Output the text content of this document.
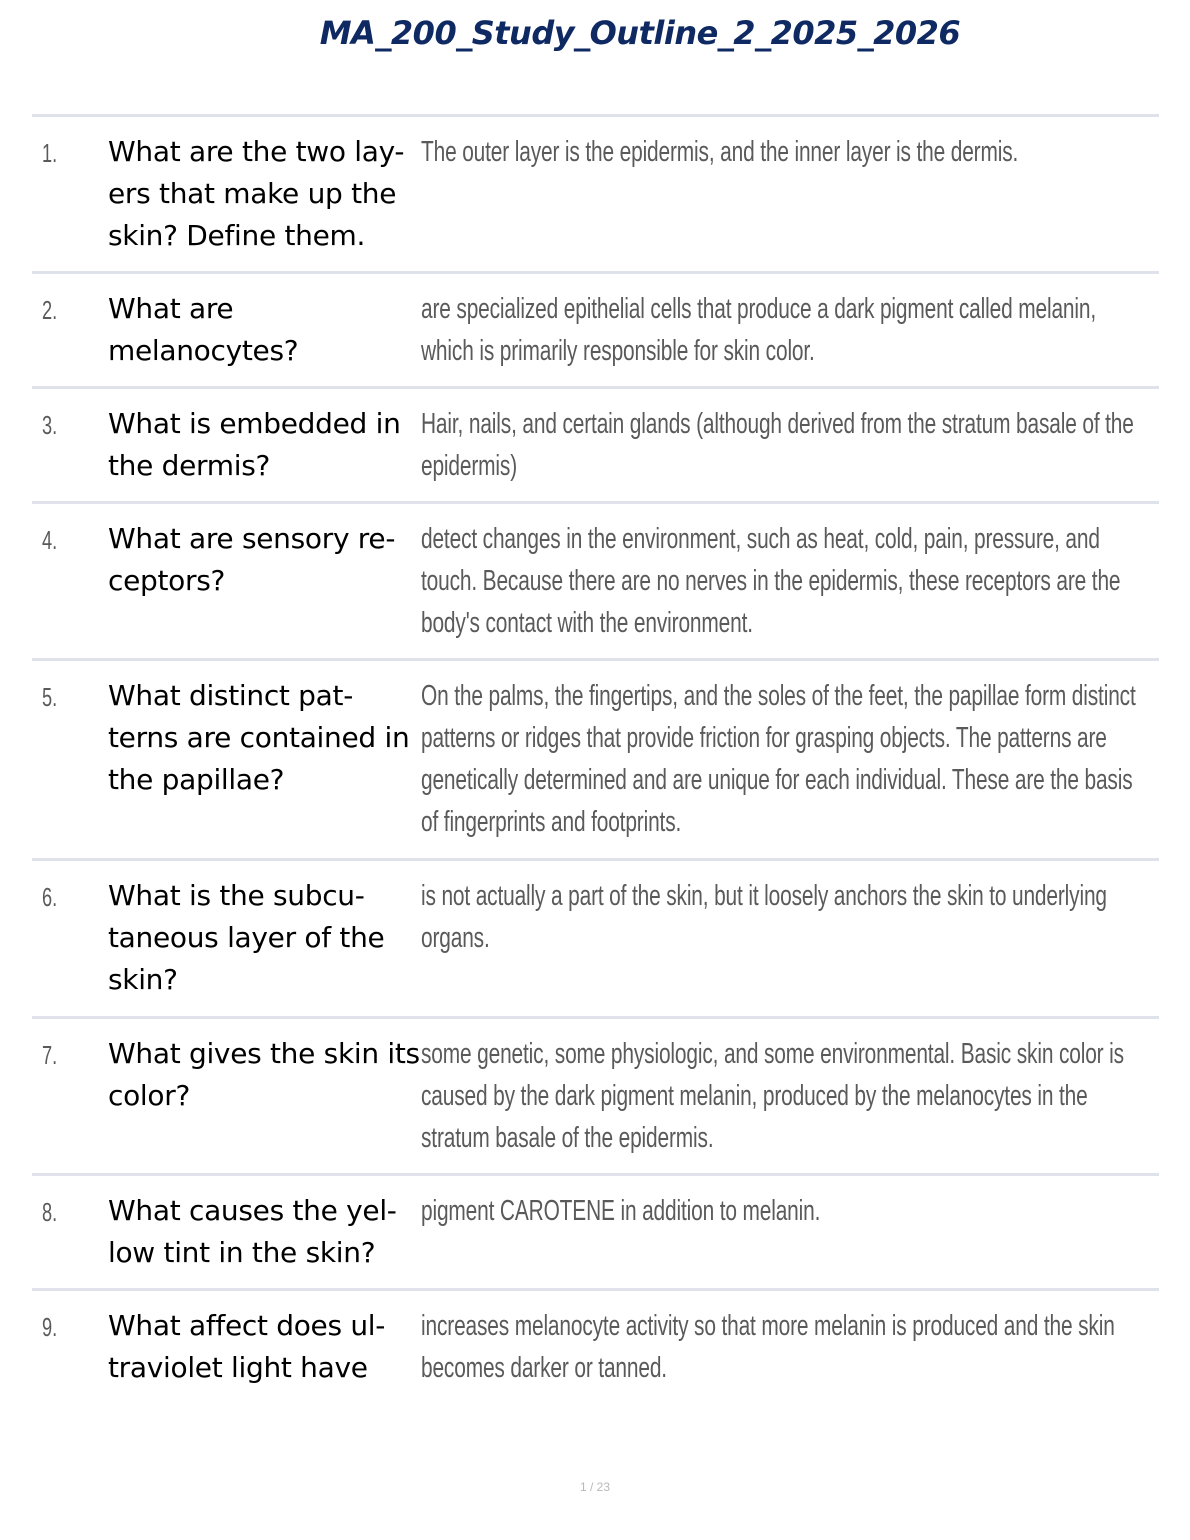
MA_200_Study_Outline_2_2025_2026
1. What are the two lay-ers that make up the skin? Define them.
The outer layer is the epidermis, and the inner layer is the dermis.
2. What are melanocytes?
are specialized epithelial cells that produce a dark pigment called melanin, which is primarily responsible for skin color.
3. What is embedded in the dermis?
Hair, nails, and certain glands (although derived from the stratum basale of the epidermis)
4. What are sensory re-ceptors?
detect changes in the environment, such as heat, cold, pain, pressure, and touch. Because there are no nerves in the epidermis, these receptors are the body's contact with the environment.
5. What distinct pat-terns are contained in the papillae?
On the palms, the fingertips, and the soles of the feet, the papillae form distinct patterns or ridges that provide friction for grasping objects. The patterns are genetically determined and are unique for each individual. These are the basis of fingerprints and footprints.
6. What is the subcu-taneous layer of the skin?
is not actually a part of the skin, but it loosely anchors the skin to underlying organs.
7. What gives the skin its color?
some genetic, some physiologic, and some environmental. Basic skin color is caused by the dark pigment melanin, produced by the melanocytes in the stratum basale of the epidermis.
8. What causes the yel-low tint in the skin?
pigment CAROTENE in addition to melanin.
9. What affect does ul-traviolet light have
increases melanocyte activity so that more melanin is produced and the skin becomes darker or tanned.
1 / 23
